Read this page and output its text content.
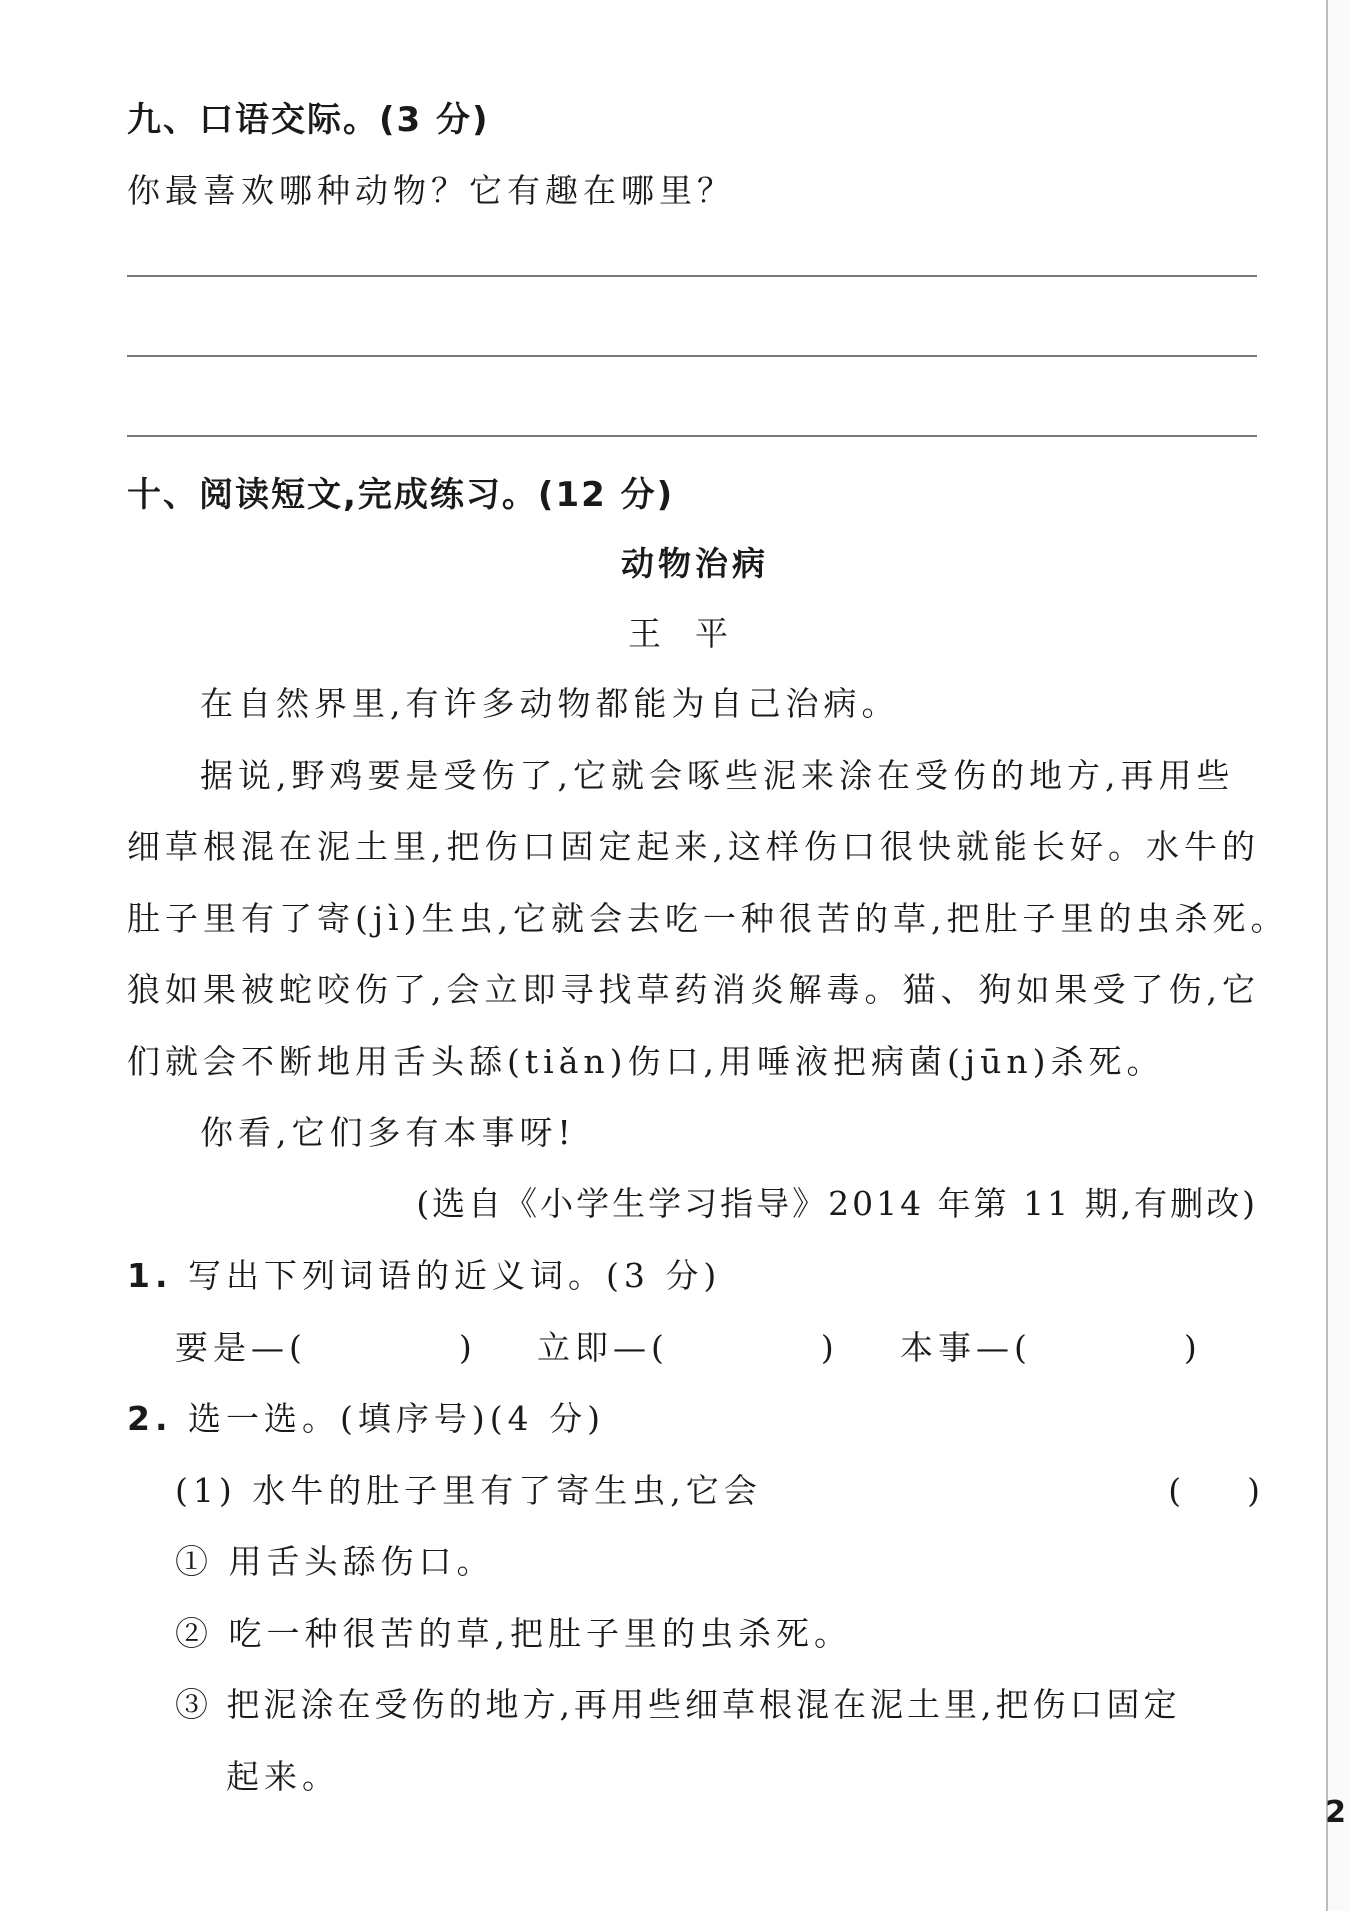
九、口语交际。(3 分)
你最喜欢哪种动物？它有趣在哪里？
十、阅读短文,完成练习。(12 分)
动物治病
王平
在自然界里,有许多动物都能为自己治病。
据说,野鸡要是受伤了,它就会啄些泥来涂在受伤的地方,再用些
细草根混在泥土里,把伤口固定起来,这样伤口很快就能长好。水牛的
肚子里有了寄(jì)生虫,它就会去吃一种很苦的草,把肚子里的虫杀死。
狼如果被蛇咬伤了,会立即寻找草药消炎解毒。猫、狗如果受了伤,它
们就会不断地用舌头舔(tiǎn)伤口,用唾液把病菌(jūn)杀死。
你看,它们多有本事呀!
(选自《小学生学习指导》2014 年第 11 期,有删改)
1. 写出下列词语的近义词。(3 分)
要是—(	) 立即—(	) 本事—(	)
2. 选一选。(填序号)(4 分)
(1) 水牛的肚子里有了寄生虫,它会	(　　)
① 用舌头舔伤口。
② 吃一种很苦的草,把肚子里的虫杀死。
③ 把泥涂在受伤的地方,再用些细草根混在泥土里,把伤口固定
起来。
2
